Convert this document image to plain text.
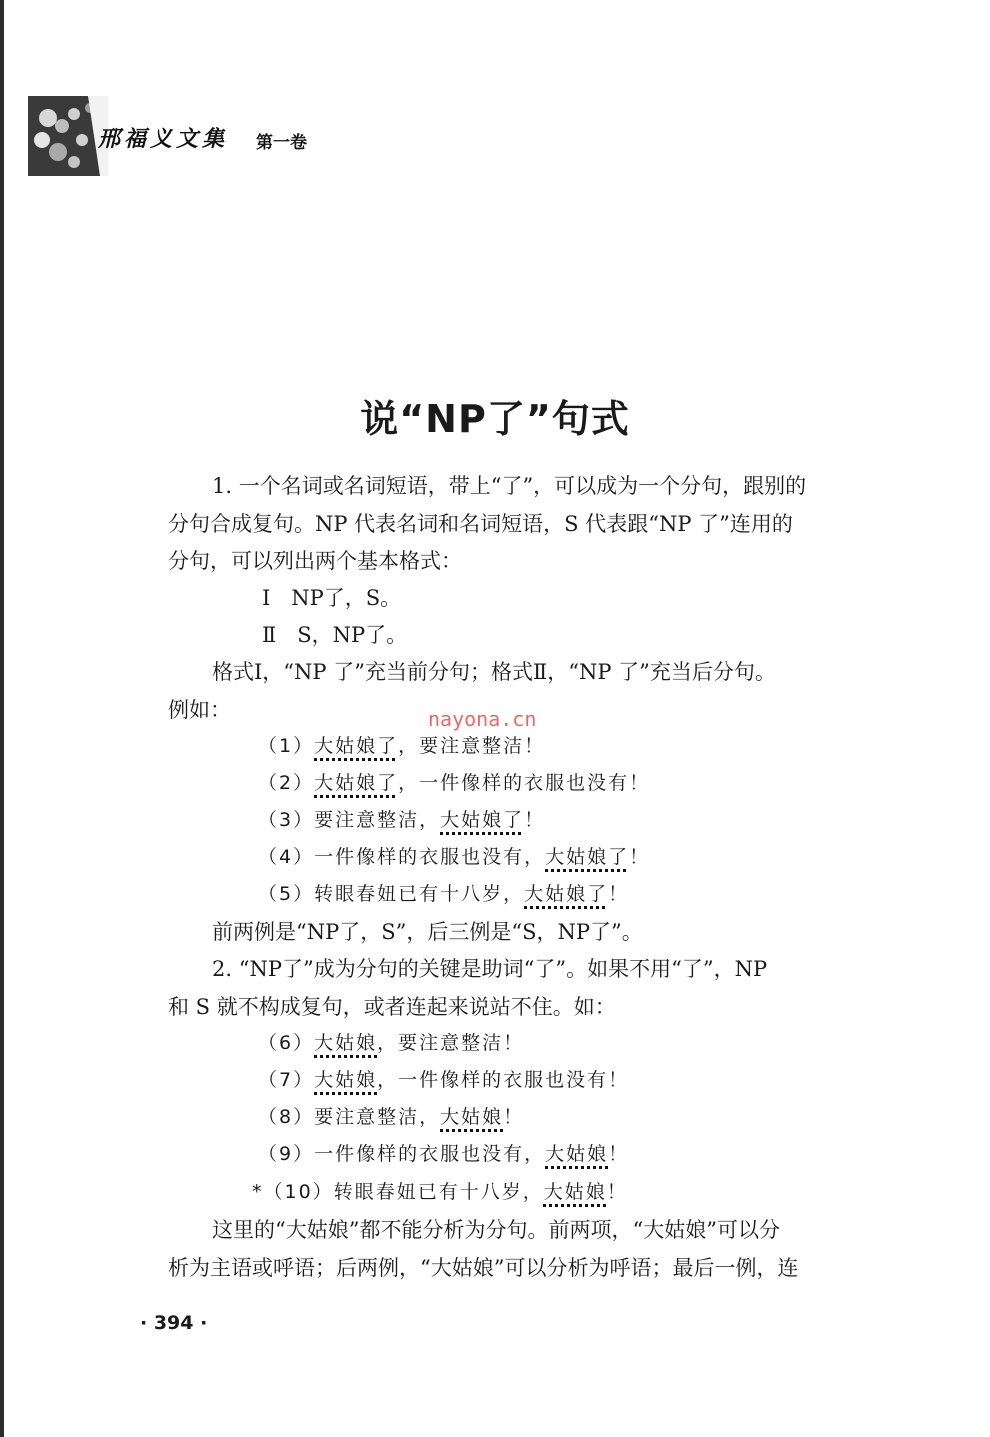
邢福义文集 第一卷
说“NP了”句式
1. 一个名词或名词短语，带上“了”，可以成为一个分句，跟别的
分句合成复句。NP 代表名词和名词短语，S 代表跟“NP 了”连用的
分句，可以列出两个基本格式：
Ⅰ　NP了，S。
Ⅱ　S，NP了。
格式Ⅰ，“NP 了”充当前分句；格式Ⅱ，“NP 了”充当后分句。
例如：	nayona.cn
（1）大姑娘了，要注意整洁！
（2）大姑娘了，一件像样的衣服也没有！
（3）要注意整洁，大姑娘了！
（4）一件像样的衣服也没有，大姑娘了！
（5）转眼春妞已有十八岁，大姑娘了！
前两例是“NP了，S”，后三例是“S，NP了”。
2. “NP了”成为分句的关键是助词“了”。如果不用“了”，NP
和 S 就不构成复句，或者连起来说站不住。如：
（6）大姑娘，要注意整洁！
（7）大姑娘，一件像样的衣服也没有！
（8）要注意整洁，大姑娘！
（9）一件像样的衣服也没有，大姑娘！
*（10）转眼春妞已有十八岁，大姑娘！
这里的“大姑娘”都不能分析为分句。前两项，“大姑娘”可以分
析为主语或呼语；后两例，“大姑娘”可以分析为呼语；最后一例，连
· 394 ·
